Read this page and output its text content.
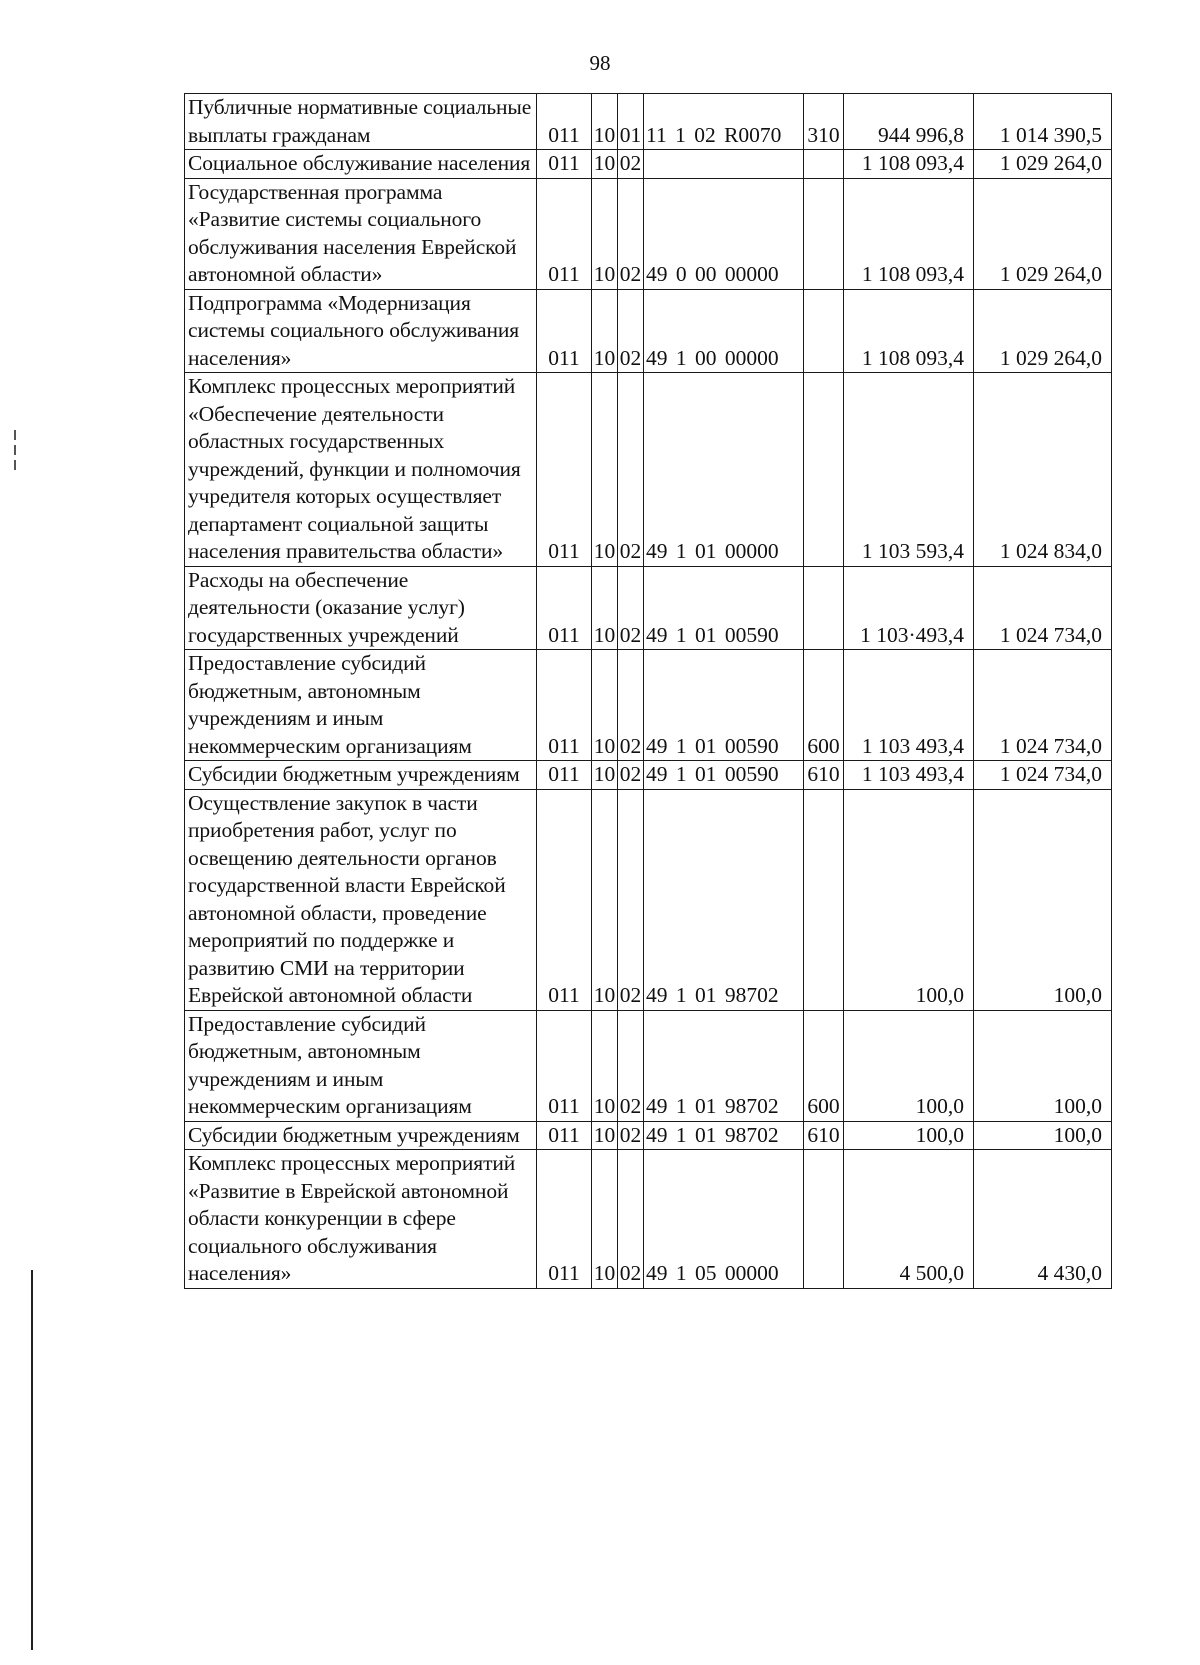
98
Публичные нормативные социальные выплаты гражданам	011	10	01	11 1 02 R0070	310	944 996,8	1 014 390,5
Социальное обслуживание населения	011	10	02			1 108 093,4	1 029 264,0
Государственная программа «Развитие системы социального обслуживания населения Еврейской автономной области»	011	10	02	49 0 00 00000		1 108 093,4	1 029 264,0
Подпрограмма «Модернизация системы социального обслуживания населения»	011	10	02	49 1 00 00000		1 108 093,4	1 029 264,0
Комплекс процессных мероприятий «Обеспечение деятельности областных государственных учреждений, функции и полномочия учредителя которых осуществляет департамент социальной защиты населения правительства области»	011	10	02	49 1 01 00000		1 103 593,4	1 024 834,0
Расходы на обеспечение деятельности (оказание услуг) государственных учреждений	011	10	02	49 1 01 00590		1 103·493,4	1 024 734,0
Предоставление субсидий бюджетным, автономным учреждениям и иным некоммерческим организациям	011	10	02	49 1 01 00590	600	1 103 493,4	1 024 734,0
Субсидии бюджетным учреждениям	011	10	02	49 1 01 00590	610	1 103 493,4	1 024 734,0
Осуществление закупок в части приобретения работ, услуг по освещению деятельности органов государственной власти Еврейской автономной области, проведение мероприятий по поддержке и развитию СМИ на территории Еврейской автономной области	011	10	02	49 1 01 98702		100,0	100,0
Предоставление субсидий бюджетным, автономным учреждениям и иным некоммерческим организациям	011	10	02	49 1 01 98702	600	100,0	100,0
Субсидии бюджетным учреждениям	011	10	02	49 1 01 98702	610	100,0	100,0
Комплекс процессных мероприятий «Развитие в Еврейской автономной области конкуренции в сфере социального обслуживания населения»	011	10	02	49 1 05 00000		4 500,0	4 430,0
